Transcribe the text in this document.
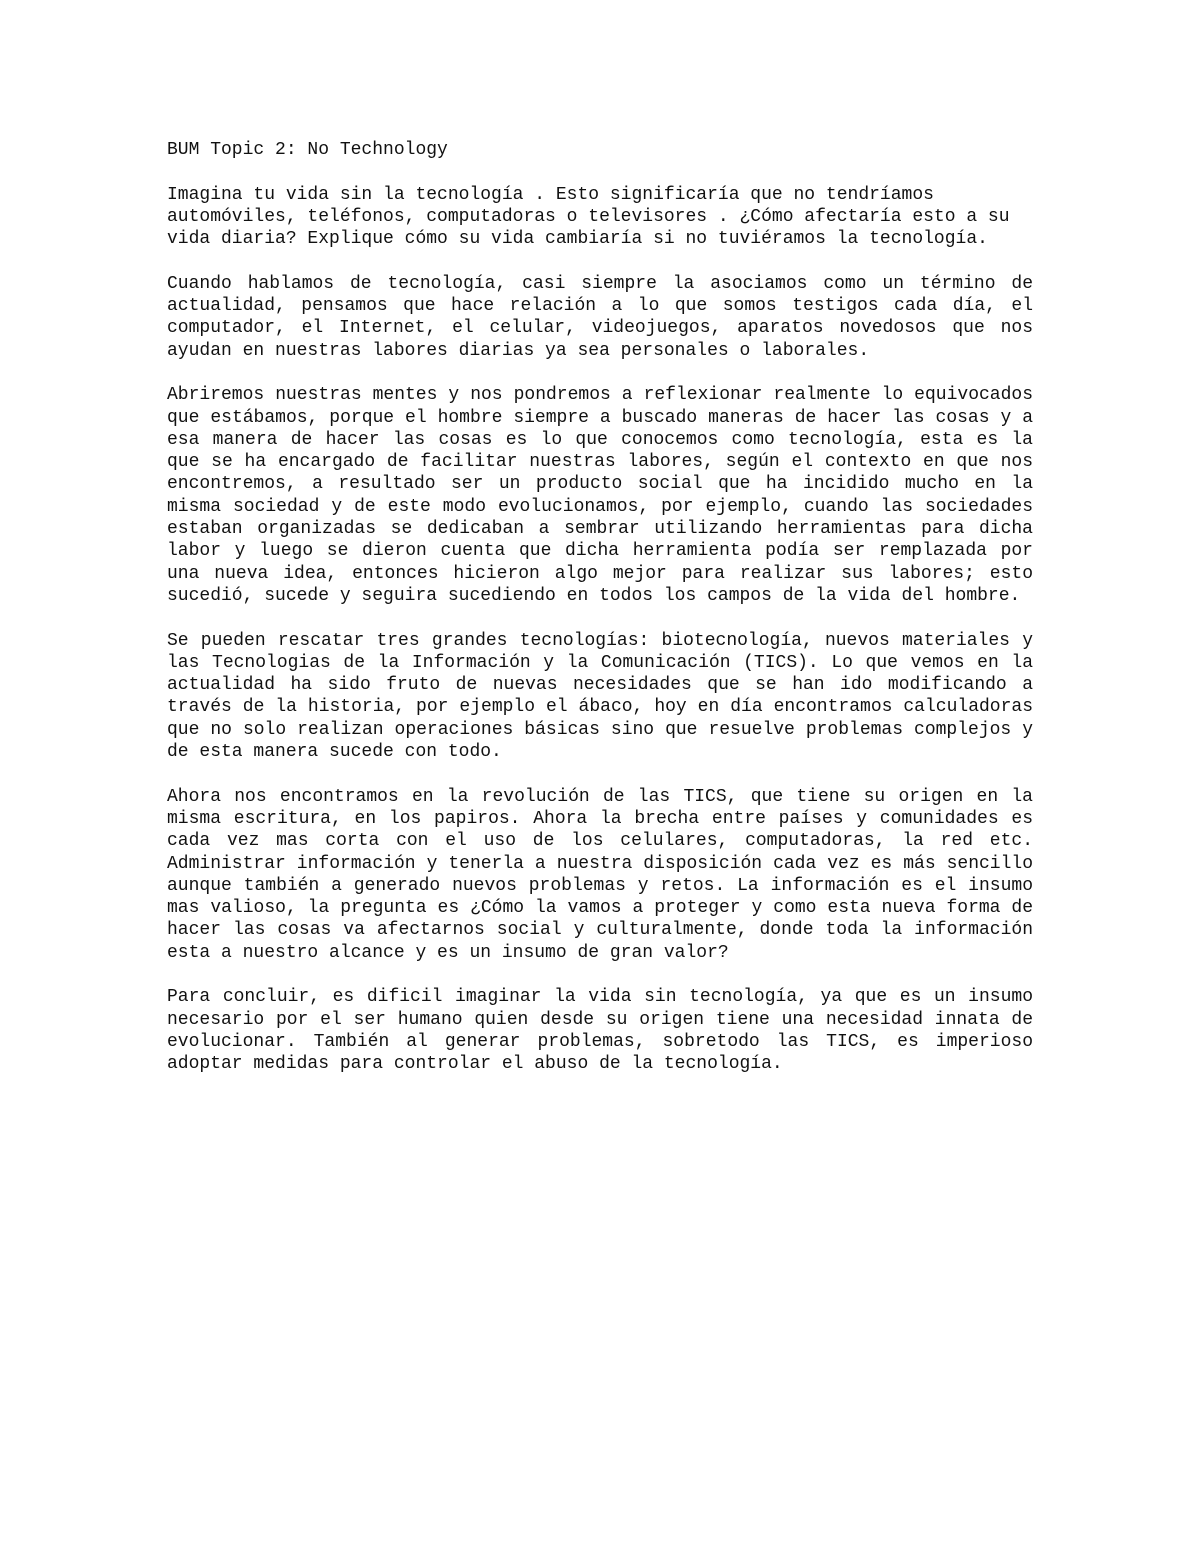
BUM Topic 2: No Technology
Imagina tu vida sin la tecnología . Esto significaría que no tendríamos automóviles, teléfonos, computadoras o televisores . ¿Cómo afectaría esto a su vida diaria? Explique cómo su vida cambiaría si no tuviéramos la tecnología.

Cuando hablamos de tecnología, casi siempre la asociamos como un término de actualidad, pensamos que hace relación a lo que somos testigos cada día, el computador, el Internet, el celular, videojuegos, aparatos novedosos que nos ayudan en nuestras labores diarias ya sea personales o laborales.

Abriremos nuestras mentes y nos pondremos a reflexionar realmente lo equivocados que estábamos, porque el hombre siempre a buscado maneras de hacer las cosas y a esa manera de hacer las cosas es lo que conocemos como tecnología, esta es la que se ha encargado de facilitar nuestras labores, según el contexto en que nos encontremos, a resultado ser un producto social que ha incidido mucho en la misma sociedad y de este modo evolucionamos, por ejemplo, cuando las sociedades estaban organizadas se dedicaban a sembrar utilizando herramientas para dicha labor y luego se dieron cuenta que dicha herramienta podía ser remplazada por una nueva idea, entonces hicieron algo mejor para realizar sus labores; esto sucedió, sucede y seguira sucediendo en todos los campos de la vida del hombre.

Se pueden rescatar tres grandes tecnologías: biotecnología, nuevos materiales y las Tecnologias de la Información y la Comunicación (TICS). Lo que vemos en la actualidad ha sido fruto de nuevas necesidades que se han ido modificando a través de la historia, por ejemplo el ábaco, hoy en día encontramos calculadoras que no solo realizan operaciones básicas sino que resuelve problemas complejos y de esta manera sucede con todo.

Ahora nos encontramos en la revolución de las TICS, que tiene su origen en la misma escritura, en los papiros. Ahora la brecha entre países y comunidades es cada vez mas corta con el uso de los celulares, computadoras, la red etc. Administrar información y tenerla a nuestra disposición cada vez es más sencillo aunque también a generado nuevos problemas y retos. La información es el insumo mas valioso, la pregunta es ¿Cómo la vamos a proteger y como esta nueva forma de hacer las cosas va afectarnos social y culturalmente, donde toda la información esta a nuestro alcance y es un insumo de gran valor?

Para concluir, es dificil imaginar la vida sin tecnología, ya que es un insumo necesario por el ser humano quien desde su origen tiene una necesidad innata de evolucionar. También al generar problemas, sobretodo las TICS, es imperioso adoptar medidas para controlar el abuso de la tecnología.
